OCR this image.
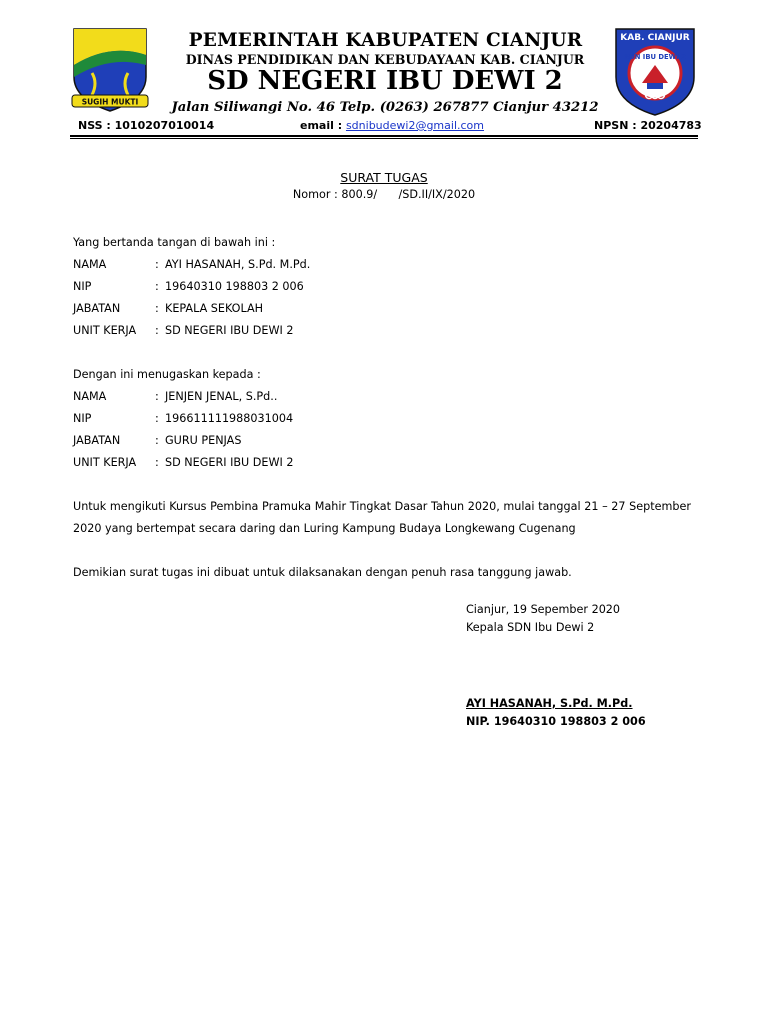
SUGIH MUKTI
KAB. CIANJUR
SDN IBU DEWI 2
PEMERINTAH KABUPATEN CIANJUR
DINAS PENDIDIKAN DAN KEBUDAYAAN KAB. CIANJUR
SD NEGERI IBU DEWI 2
Jalan Siliwangi No. 46 Telp. (0263) 267877 Cianjur 43212
NSS : 1010207010014	email : sdnibudewi2@gmail.com	NPSN : 20204783
SURAT TUGAS
Nomor : 800.9/      /SD.II/IX/2020
Yang bertanda tangan di bawah ini :
NAMA	: AYI HASANAH, S.Pd. M.Pd.
NIP	: 19640310 198803 2 006
JABATAN	: KEPALA SEKOLAH
UNIT KERJA : SD NEGERI IBU DEWI 2
Dengan ini menugaskan kepada :
NAMA	: JENJEN JENAL, S.Pd..
NIP	: 196611111988031004
JABATAN	: GURU PENJAS
UNIT KERJA : SD NEGERI IBU DEWI 2
Untuk mengikuti Kursus Pembina Pramuka Mahir Tingkat Dasar Tahun 2020, mulai tanggal 21 – 27 September 2020 yang bertempat secara daring dan Luring Kampung Budaya Longkewang Cugenang
Demikian surat tugas ini dibuat untuk dilaksanakan dengan penuh rasa tanggung jawab.
Cianjur, 19 Sepember 2020
Kepala SDN Ibu Dewi 2
AYI HASANAH, S.Pd. M.Pd.
NIP. 19640310 198803 2 006
